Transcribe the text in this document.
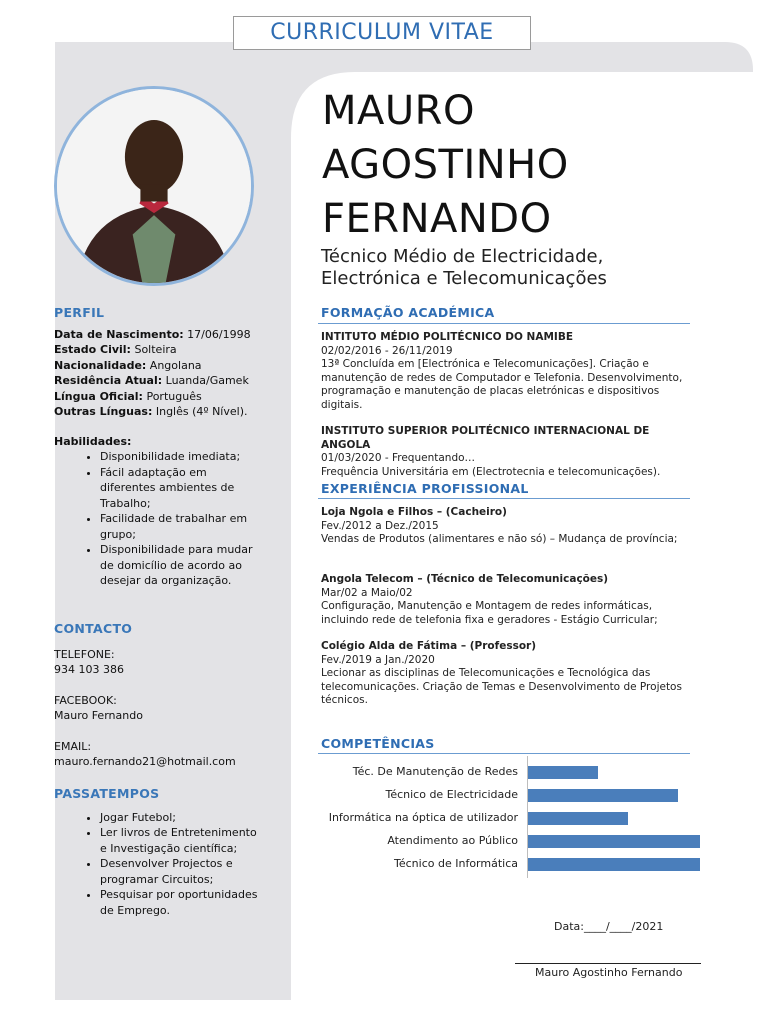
CURRICULUM VITAE
MAURO
AGOSTINHO
FERNANDO
Técnico Médio de Electricidade,
Electrónica e Telecomunicações
PERFIL
Data de Nascimento: 17/06/1998
Estado Civil: Solteira
Nacionalidade: Angolana
Residência Atual: Luanda/Gamek
Língua Oficial: Português
Outras Línguas: Inglês (4º Nível).
Habilidades:
• Disponibilidade imediata;
• Fácil adaptação em diferentes ambientes de Trabalho;
• Facilidade de trabalhar em grupo;
• Disponibilidade para mudar de domicílio de acordo ao desejar da organização.
CONTACTO
TELEFONE:
934 103 386
FACEBOOK:
Mauro Fernando
EMAIL:
mauro.fernando21@hotmail.com
PASSATEMPOS
• Jogar Futebol;
• Ler livros de Entretenimento e Investigação científica;
• Desenvolver Projectos e programar Circuitos;
• Pesquisar por oportunidades de Emprego.
FORMAÇÃO ACADÉMICA
INTITUTO MÉDIO POLITÉCNICO DO NAMIBE
02/02/2016 - 26/11/2019
13ª Concluída em [Electrónica e Telecomunicações]. Criação e manutenção de redes de Computador e Telefonia. Desenvolvimento, programação e manutenção de placas eletrónicas e dispositivos digitais.
INSTITUTO SUPERIOR POLITÉCNICO INTERNACIONAL DE ANGOLA
01/03/2020 - Frequentando…
Frequência Universitária em (Electrotecnia e telecomunicações).
EXPERIÊNCIA PROFISSIONAL
Loja Ngola e Filhos – (Cacheiro)
Fev./2012 a Dez./2015
Vendas de Produtos (alimentares e não só) – Mudança de província;
Angola Telecom – (Técnico de Telecomunicações)
Mar/02 a Maio/02
Configuração, Manutenção e Montagem de redes informáticas, incluindo rede de telefonia fixa e geradores - Estágio Curricular;
Colégio Alda de Fátima – (Professor)
Fev./2019 a Jan./2020
Lecionar as disciplinas de Telecomunicações e Tecnológica das telecomunicações. Criação de Temas e Desenvolvimento de Projetos técnicos.
COMPETÊNCIAS
Téc. De Manutenção de Redes
Técnico de Electricidade
Informática na óptica de utilizador
Atendimento ao Público
Técnico de Informática
Data:____/____/2021
Mauro Agostinho Fernando
